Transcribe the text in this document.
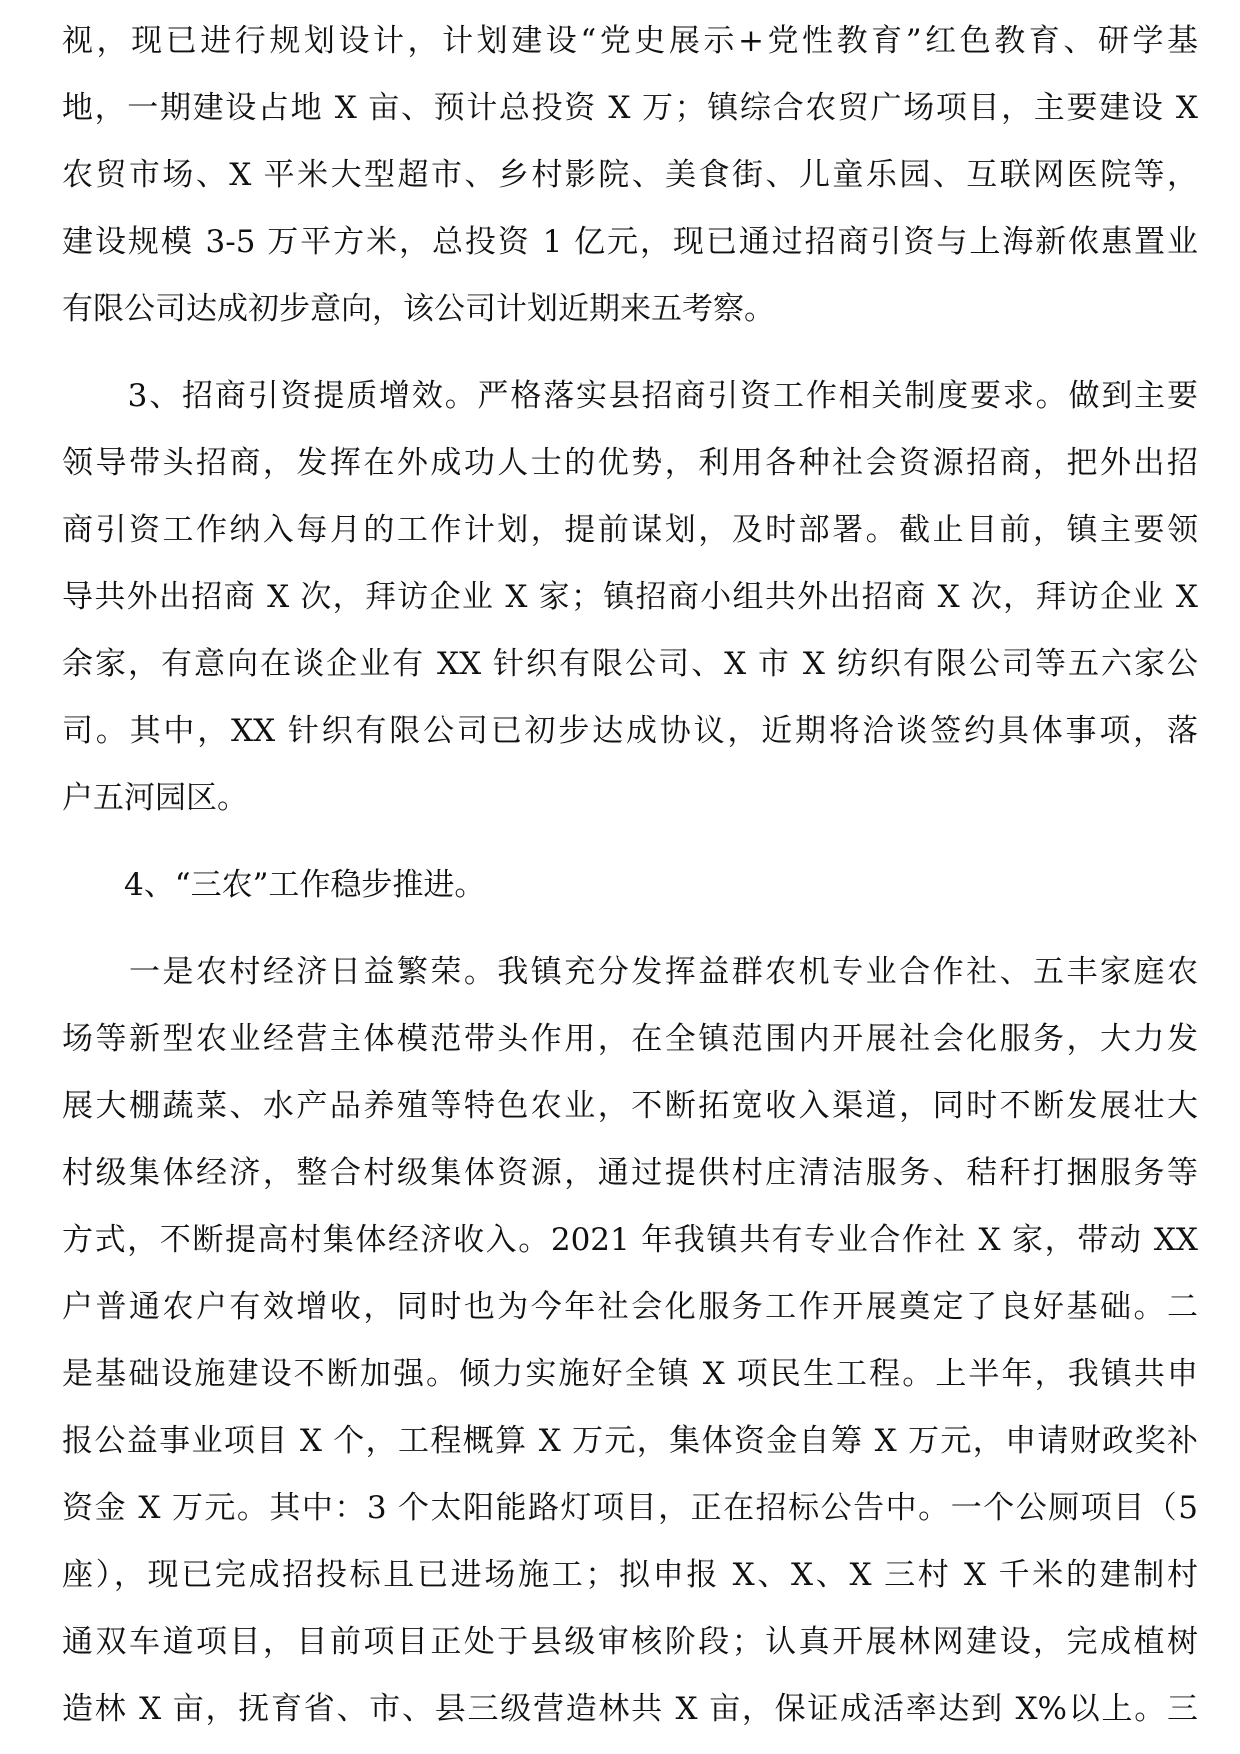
视，现已进行规划设计，计划建设“党史展示+党性教育”红色教育、研学基
地，一期建设占地 X 亩、预计总投资 X 万；镇综合农贸广场项目，主要建设 X
农贸市场、X 平米大型超市、乡村影院、美食街、儿童乐园、互联网医院等，
建设规模 3-5 万平方米，总投资 1 亿元，现已通过招商引资与上海新侬惠置业
有限公司达成初步意向，该公司计划近期来五考察。
　　3、招商引资提质增效。严格落实县招商引资工作相关制度要求。做到主要
领导带头招商，发挥在外成功人士的优势，利用各种社会资源招商，把外出招
商引资工作纳入每月的工作计划，提前谋划，及时部署。截止目前，镇主要领
导共外出招商 X 次，拜访企业 X 家；镇招商小组共外出招商 X 次，拜访企业 X
余家，有意向在谈企业有 XX 针织有限公司、X 市 X 纺织有限公司等五六家公
司。其中，XX 针织有限公司已初步达成协议，近期将洽谈签约具体事项，落
户五河园区。
　　4、“三农”工作稳步推进。
　　一是农村经济日益繁荣。我镇充分发挥益群农机专业合作社、五丰家庭农
场等新型农业经营主体模范带头作用，在全镇范围内开展社会化服务，大力发
展大棚蔬菜、水产品养殖等特色农业，不断拓宽收入渠道，同时不断发展壮大
村级集体经济，整合村级集体资源，通过提供村庄清洁服务、秸秆打捆服务等
方式，不断提高村集体经济收入。2021 年我镇共有专业合作社 X 家，带动 XX
户普通农户有效增收，同时也为今年社会化服务工作开展奠定了良好基础。二
是基础设施建设不断加强。倾力实施好全镇 X 项民生工程。上半年，我镇共申
报公益事业项目 X 个，工程概算 X 万元，集体资金自筹 X 万元，申请财政奖补
资金 X 万元。其中：3 个太阳能路灯项目，正在招标公告中。一个公厕项目（5
座），现已完成招投标且已进场施工；拟申报 X、X、X 三村 X 千米的建制村
通双车道项目，目前项目正处于县级审核阶段；认真开展林网建设，完成植树
造林 X 亩，抚育省、市、县三级营造林共 X 亩，保证成活率达到 X%以上。三
